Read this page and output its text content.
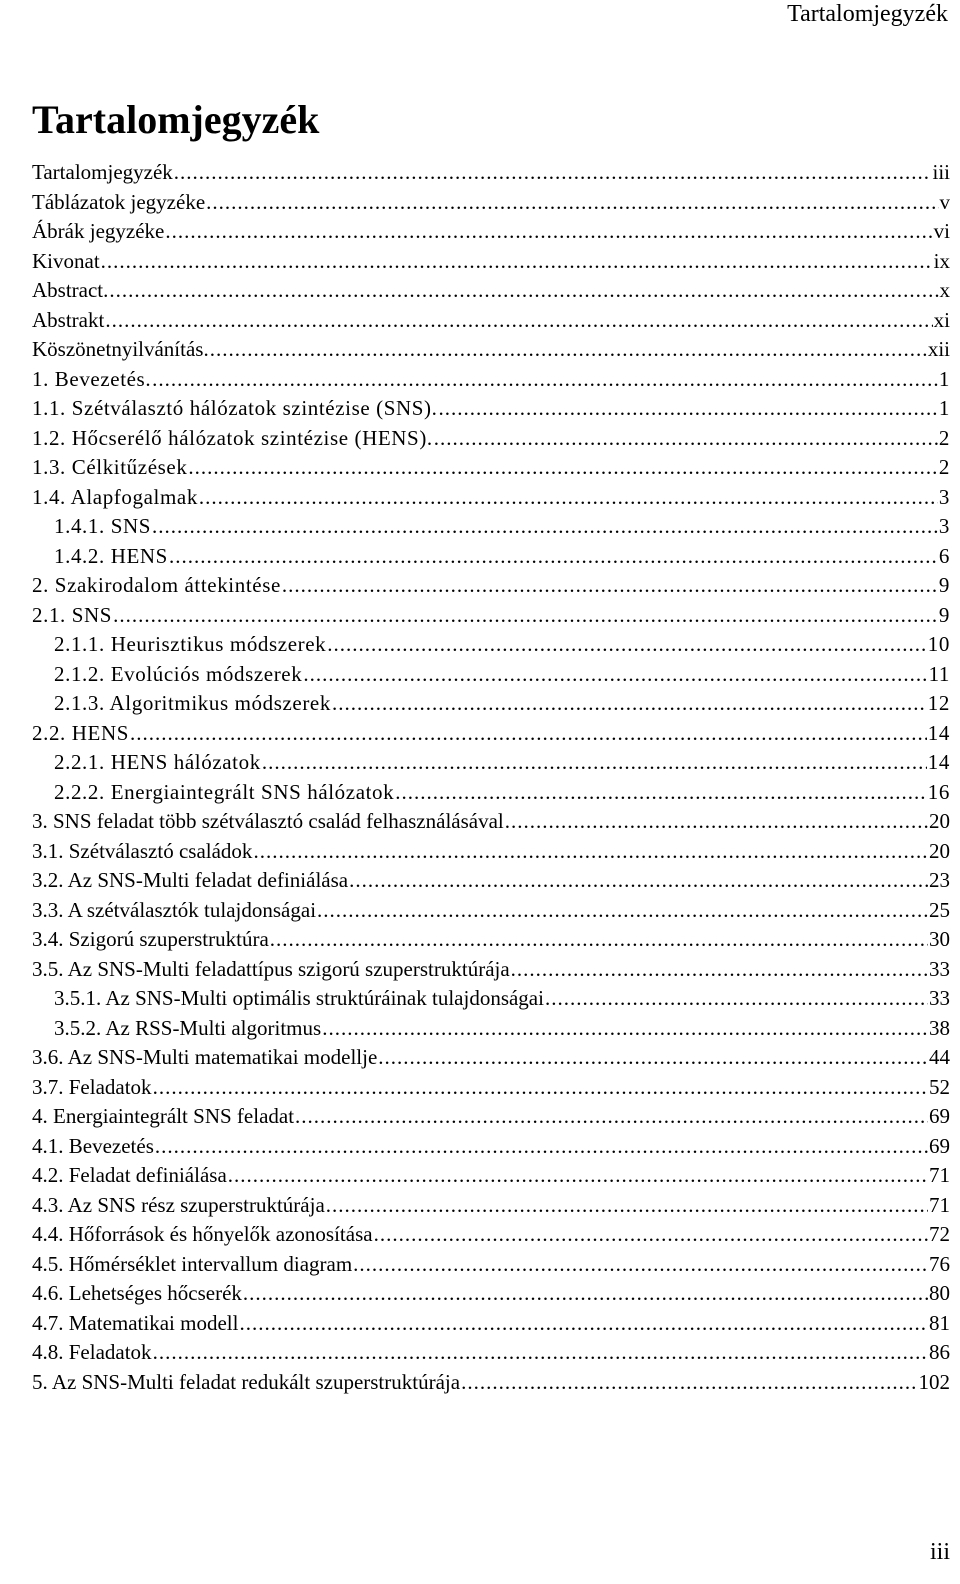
Tartalomjegyzék
Tartalomjegyzék
Tartalomjegyzék .....	iii
Táblázatok jegyzéke .....	v
Ábrák jegyzéke .....	vi
Kivonat .....	ix
Abstract. .....	x
Abstrakt .....	xi
Köszönetnyilvánítás. .....	xii
1. Bevezetés. .....	1
1.1. Szétválasztó hálózatok szintézise (SNS). .....	1
1.2. Hőcserélő hálózatok szintézise (HENS). .....	2
1.3. Célkitűzések .....	2
1.4. Alapfogalmak .....	3
1.4.1. SNS .....	3
1.4.2. HENS .....	6
2. Szakirodalom áttekintése .....	9
2.1. SNS .....	9
2.1.1. Heurisztikus módszerek .....	10
2.1.2. Evolúciós módszerek .....	11
2.1.3. Algoritmikus módszerek .....	12
2.2. HENS .....	14
2.2.1. HENS hálózatok .....	14
2.2.2. Energiaintegrált SNS hálózatok .....	16
3. SNS feladat több szétválasztó család felhasználásával .....	20
3.1. Szétválasztó családok .....	20
3.2. Az SNS-Multi feladat definiálása .....	23
3.3. A szétválasztók tulajdonságai .....	25
3.4. Szigorú szuperstruktúra .....	30
3.5. Az SNS-Multi feladattípus szigorú szuperstruktúrája .....	33
3.5.1. Az SNS-Multi optimális struktúráinak tulajdonságai .....	33
3.5.2. Az RSS-Multi algoritmus .....	38
3.6. Az SNS-Multi matematikai modellje .....	44
3.7. Feladatok .....	52
4. Energiaintegrált SNS feladat .....	69
4.1. Bevezetés .....	69
4.2. Feladat definiálása .....	71
4.3. Az SNS rész szuperstruktúrája .....	71
4.4. Hőforrások és hőnyelők azonosítása .....	72
4.5. Hőmérséklet intervallum diagram .....	76
4.6. Lehetséges hőcserék .....	80
4.7. Matematikai modell .....	81
4.8. Feladatok .....	86
5. Az SNS-Multi feladat redukált szuperstruktúrája .....	102
iii
